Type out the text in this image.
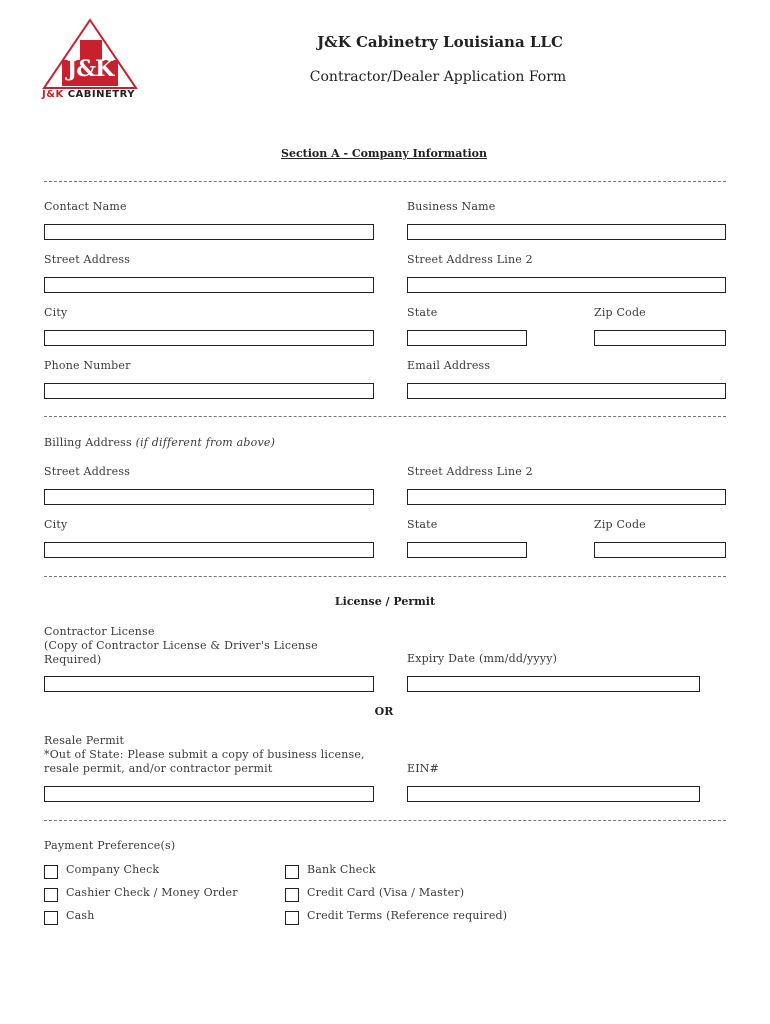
J&K
J&K CABINETRY
J&K Cabinetry Louisiana LLC
Contractor/Dealer Application Form
Section A - Company Information
Contact Name	Business Name
Street Address	Street Address Line 2
City	State	Zip Code
Phone Number	Email Address
Billing Address (if different from above)
Street Address	Street Address Line 2
City	State	Zip Code
License / Permit
Contractor License
(Copy of Contractor License & Driver's License
Required)	Expiry Date (mm/dd/yyyy)
OR
Resale Permit
*Out of State: Please submit a copy of business license,
resale permit, and/or contractor permit	EIN#
Payment Preference(s)
Company Check
Cashier Check / Money Order
Cash
Bank Check
Credit Card (Visa / Master)
Credit Terms (Reference required)
